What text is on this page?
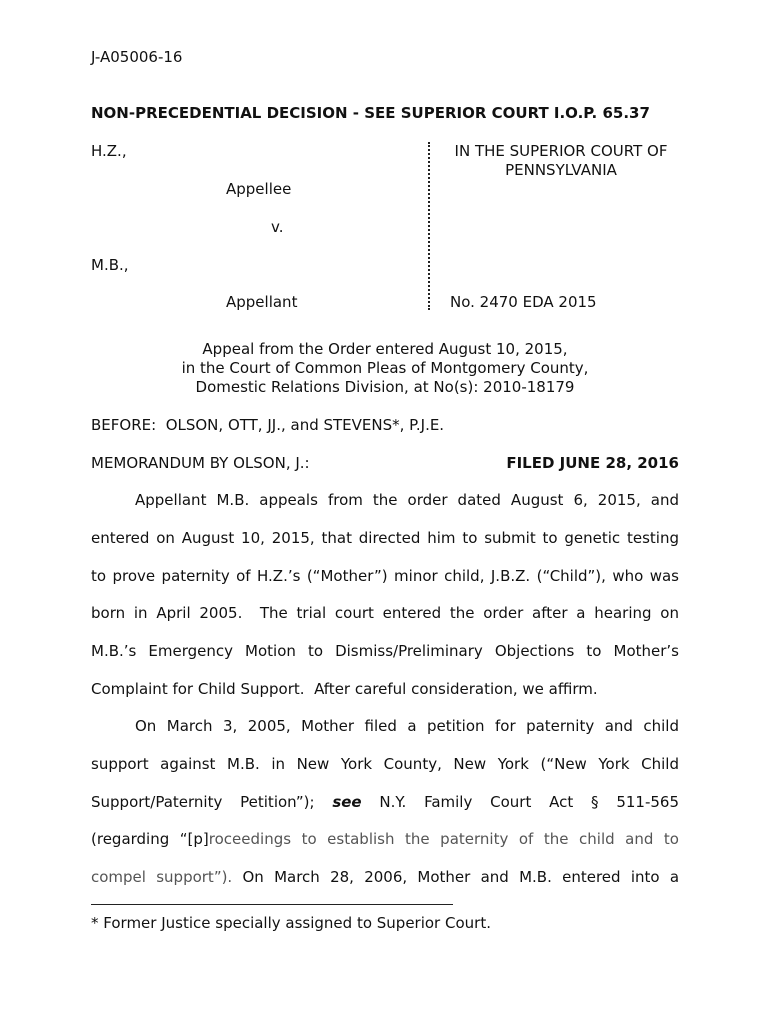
J-A05006-16
NON-PRECEDENTIAL DECISION - SEE SUPERIOR COURT I.O.P. 65.37
H.Z.,
Appellee
v.
M.B.,
Appellant
IN THE SUPERIOR COURT OF
PENNSYLVANIA
No. 2470 EDA 2015
Appeal from the Order entered August 10, 2015,
in the Court of Common Pleas of Montgomery County,
Domestic Relations Division, at No(s): 2010-18179
BEFORE:  OLSON, OTT, JJ., and STEVENS*, P.J.E.
MEMORANDUM BY OLSON, J.:	FILED JUNE 28, 2016
Appellant M.B. appeals from the order dated August 6, 2015, and
entered on August 10, 2015, that directed him to submit to genetic testing
to prove paternity of H.Z.’s (“Mother”) minor child, J.B.Z. (“Child”), who was
born in April 2005.  The trial court entered the order after a hearing on
M.B.’s Emergency Motion to Dismiss/Preliminary Objections to Mother’s
Complaint for Child Support.  After careful consideration, we affirm.
On March 3, 2005, Mother filed a petition for paternity and child
support against M.B. in New York County, New York (“New York Child
Support/Paternity Petition”); see N.Y. Family Court Act § 511-565
(regarding “[p]roceedings to establish the paternity of the child and to
compel support”). On March 28, 2006, Mother and M.B. entered into a
* Former Justice specially assigned to Superior Court.
